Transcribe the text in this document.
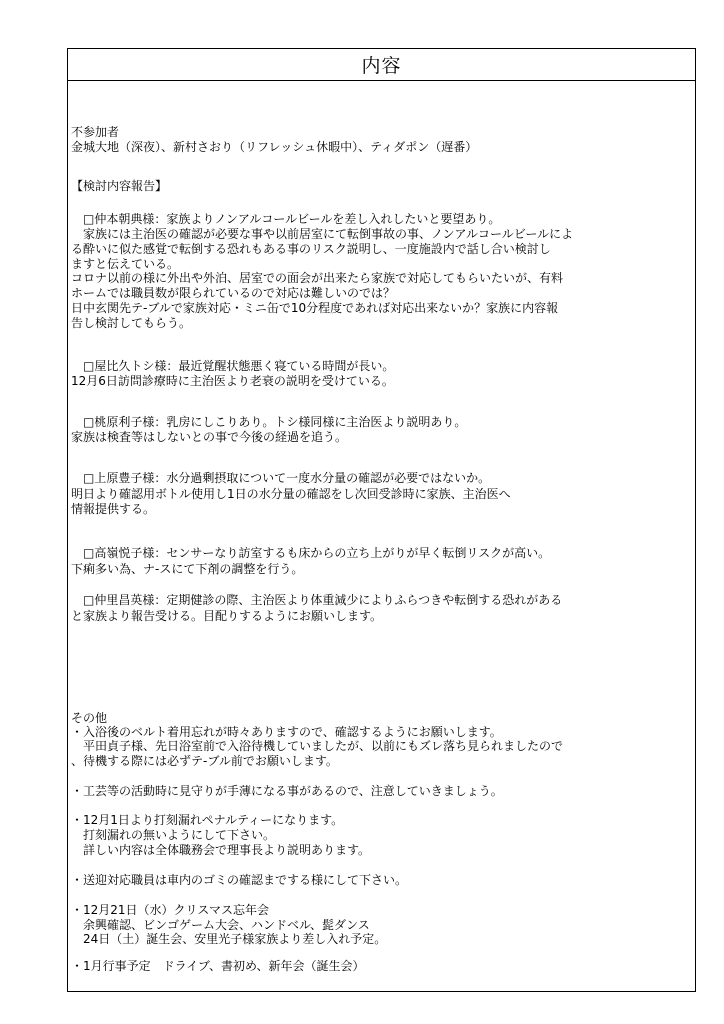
内容
不参加者
金城大地（深夜）、新村さおり（リフレッシュ休暇中）、ティダポン（遅番）
【検討内容報告】
　□仲本朝典様：家族よりノンアルコールビールを差し入れしたいと要望あり。
　家族には主治医の確認が必要な事や以前居室にて転倒事故の事、ノンアルコールビールによ
る酔いに似た感覚で転倒する恐れもある事のリスク説明し、一度施設内で話し合い検討し
ますと伝えている。
コロナ以前の様に外出や外泊、居室での面会が出来たら家族で対応してもらいたいが、有料
ホームでは職員数が限られているので対応は難しいのでは？
日中玄関先テ-ブルで家族対応・ミニ缶で10分程度であれば対応出来ないか？家族に内容報
告し検討してもらう。
　□屋比久トシ様：最近覚醒状態悪く寝ている時間が長い。
12月6日訪問診療時に主治医より老衰の説明を受けている。
　□桃原利子様：乳房にしこりあり。トシ様同様に主治医より説明あり。
家族は検査等はしないとの事で今後の経過を追う。
　□上原豊子様：水分過剰摂取について一度水分量の確認が必要ではないか。
明日より確認用ボトル使用し1日の水分量の確認をし次回受診時に家族、主治医へ
情報提供する。
　□高嶺悦子様：センサーなり訪室するも床からの立ち上がりが早く転倒リスクが高い。
下痢多い為、ナ-スにて下剤の調整を行う。
　□仲里昌英様：定期健診の際、主治医より体重減少によりふらつきや転倒する恐れがある
と家族より報告受ける。目配りするようにお願いします。
その他
・入浴後のベルト着用忘れが時々ありますので、確認するようにお願いします。
　平田貞子様、先日浴室前で入浴待機していましたが、以前にもズレ落ち見られましたので
、待機する際には必ずテ-ブル前でお願いします。
・工芸等の活動時に見守りが手薄になる事があるので、注意していきましょう。
・12月1日より打刻漏れペナルティーになります。
　打刻漏れの無いようにして下さい。
　詳しい内容は全体職務会で理事長より説明あります。
・送迎対応職員は車内のゴミの確認までする様にして下さい。
・12月21日（水）クリスマス忘年会
　余興確認、ビンゴゲーム大会、ハンドベル、髭ダンス
　24日（土）誕生会、安里光子様家族より差し入れ予定。
・1月行事予定　ドライブ、書初め、新年会（誕生会）
